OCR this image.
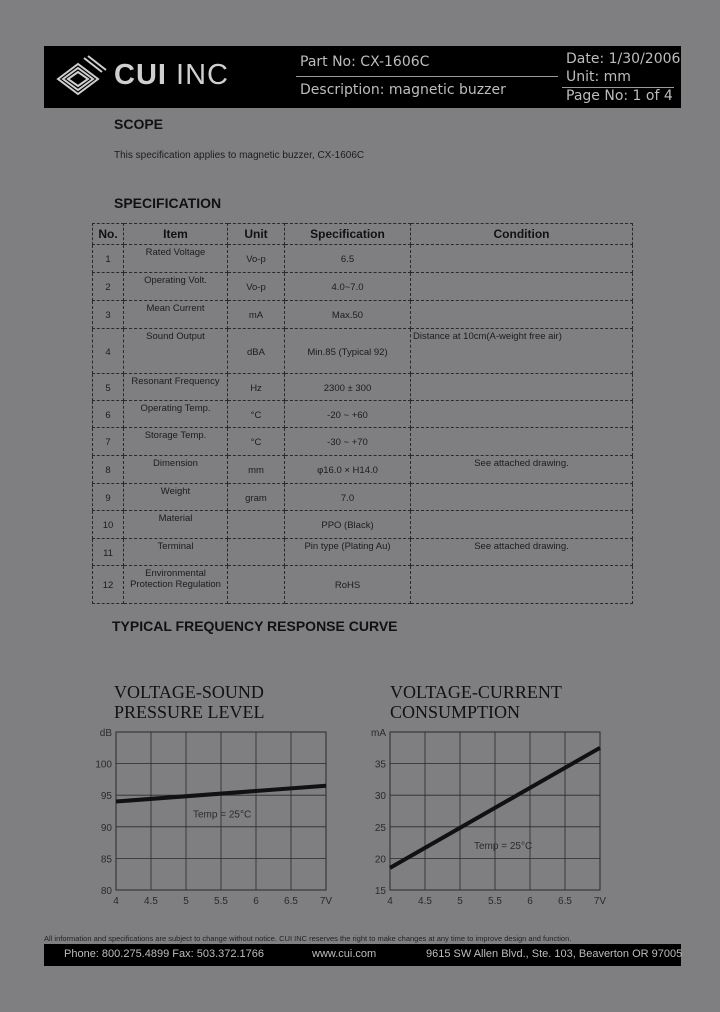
CUI INC	Part No: CX-1606C
Description: magnetic buzzer
Date: 1/30/2006
Unit: mm
Page No: 1 of 4
SCOPE
This specification applies to magnetic buzzer, CX-1606C
SPECIFICATION
No.	Item	Unit	Specification	Condition
1	Rated Voltage	Vo-p	6.5	
2	Operating Volt.	Vo-p	4.0~7.0	
3	Mean Current	mA	Max.50	
4	Sound Output	dBA	Min.85 (Typical 92)	Distance at 10cm(A-weight free air)
5	Resonant Frequency	Hz	2300 ± 300	
6	Operating Temp.	°C	-20 ~ +60	
7	Storage Temp.	°C	-30 ~ +70	
8	Dimension	mm	φ16.0 × H14.0	See attached drawing.
9	Weight	gram	7.0	
10	Material		PPO (Black)	
11	Terminal		Pin type (Plating Au)	See attached drawing.
12	Environmental Protection Regulation		RoHS	
TYPICAL FREQUENCY RESPONSE CURVE
VOLTAGE-SOUND PRESSURE LEVEL
VOLTAGE-CURRENT CONSUMPTION
4	4.5	5	5.5	6	6.5 7V
80
85
90
95
100
dB
Temp = 25°C
4	4.5	5	5.5	6	6.5 7V
15
20
25
30
35
mA
Temp = 25°C
All information and specifications are subject to change without notice. CUI INC reserves the right to make changes at any time to improve design and function.
Phone: 800.275.4899 Fax: 503.372.1766	www.cui.com	9615 SW Allen Blvd., Ste. 103, Beaverton OR 97005
